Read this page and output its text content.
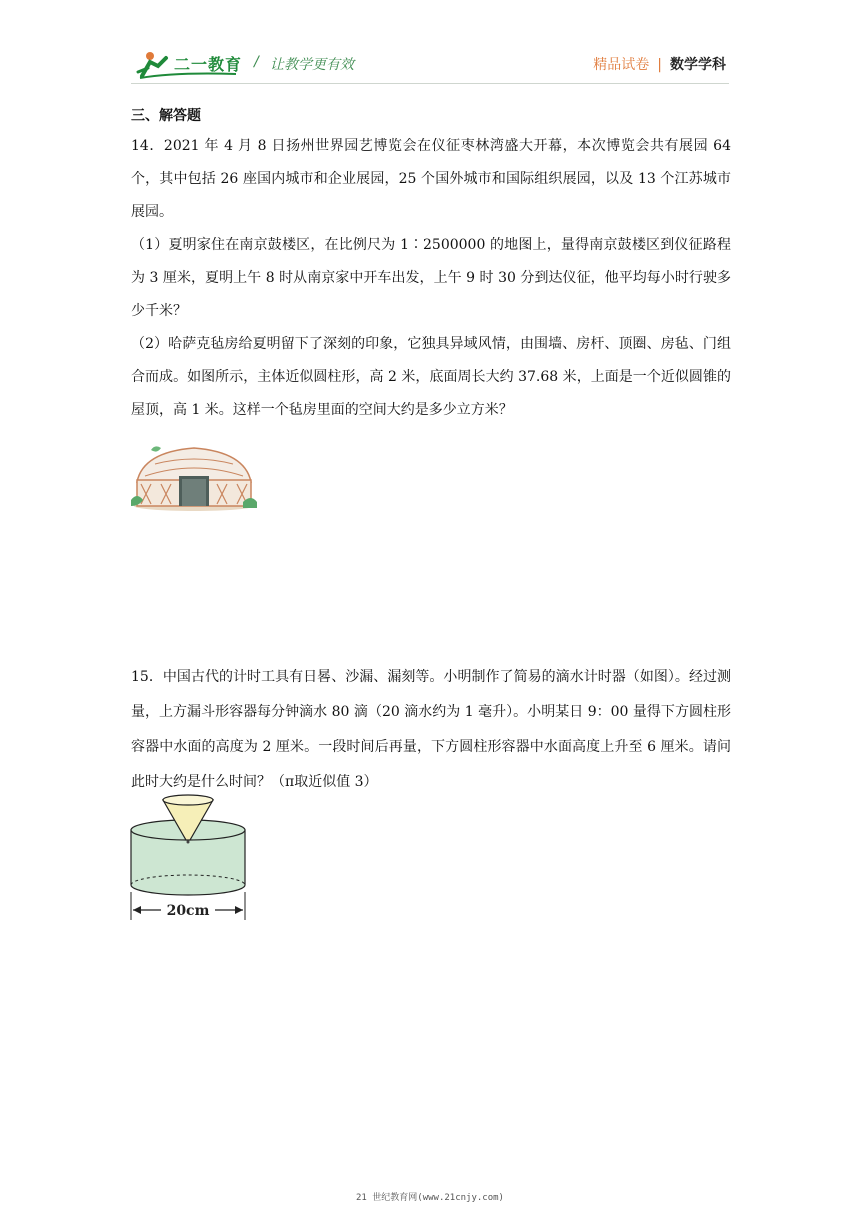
二一教育 / 让教学更有效	精品试卷 | 数学学科
三、解答题

14．2021 年 4 月 8 日扬州世界园艺博览会在仪征枣林湾盛大开幕，本次博览会共有展园 64 个，其中包括 26 座国内城市和企业展园，25 个国外城市和国际组织展园，以及 13 个江苏城市展园。

（1）夏明家住在南京鼓楼区，在比例尺为 1∶2500000 的地图上，量得南京鼓楼区到仪征路程为 3 厘米，夏明上午 8 时从南京家中开车出发，上午 9 时 30 分到达仪征，他平均每小时行驶多少千米？

（2）哈萨克毡房给夏明留下了深刻的印象，它独具异域风情，由围墙、房杆、顶圈、房毡、门组合而成。如图所示，主体近似圆柱形，高 2 米，底面周长大约 37.68 米，上面是一个近似圆锥的屋顶，高 1 米。这样一个毡房里面的空间大约是多少立方米？

15．中国古代的计时工具有日晷、沙漏、漏刻等。小明制作了简易的滴水计时器（如图）。经过测量，上方漏斗形容器每分钟滴水 80 滴（20 滴水约为 1 毫升）。小明某日 9：00 量得下方圆柱形容器中水面的高度为 2 厘米。一段时间后再量，下方圆柱形容器中水面高度上升至 6 厘米。请问此时大约是什么时间？（π取近似值 3）

20cm
21 世纪教育网(www.21cnjy.com)
